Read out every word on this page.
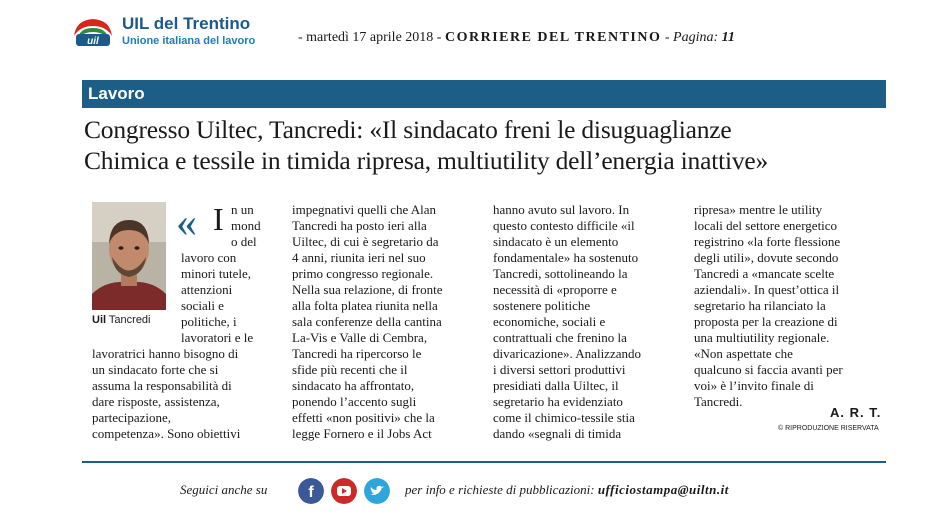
uil
UIL del Trentino
Unione italiana del lavoro	- martedì 17 aprile 2018 - CORRIERE DEL TRENTINO - Pagina: 11
Lavoro
Congresso Uiltec, Tancredi: «Il sindacato freni le disuguaglianze
Chimica e tessile in timida ripresa, multiutility dell’energia inattive»
Uil Tancredi
« I n un
mond
o del
lavoro con
minori tutele,
attenzioni
sociali e
politiche, i
lavoratori e le
lavoratrici hanno bisogno di
un sindacato forte che si
assuma la responsabilità di
dare risposte, assistenza,
partecipazione,
competenza». Sono obiettivi
impegnativi quelli che Alan
Tancredi ha posto ieri alla
Uiltec, di cui è segretario da
4 anni, riunita ieri nel suo
primo congresso regionale.
Nella sua relazione, di fronte
alla folta platea riunita nella
sala conferenze della cantina
La-Vis e Valle di Cembra,
Tancredi ha ripercorso le
sfide più recenti che il
sindacato ha affrontato,
ponendo l’accento sugli
effetti «non positivi» che la
legge Fornero e il Jobs Act
hanno avuto sul lavoro. In
questo contesto difficile «il
sindacato è un elemento
fondamentale» ha sostenuto
Tancredi, sottolineando la
necessità di «proporre e
sostenere politiche
economiche, sociali e
contrattuali che frenino la
divaricazione». Analizzando
i diversi settori produttivi
presidiati dalla Uiltec, il
segretario ha evidenziato
come il chimico-tessile stia
dando «segnali di timida
ripresa» mentre le utility
locali del settore energetico
registrino «la forte flessione
degli utili», dovute secondo
Tancredi a «mancate scelte
aziendali». In quest’ottica il
segretario ha rilanciato la
proposta per la creazione di
una multiutility regionale.
«Non aspettate che
qualcuno si faccia avanti per
voi» è l’invito finale di
Tancredi.
A. R. T.
© RIPRODUZIONE RISERVATA
Seguici anche su	f	per info e richieste di pubblicazioni: ufficiostampa@uiltn.it
